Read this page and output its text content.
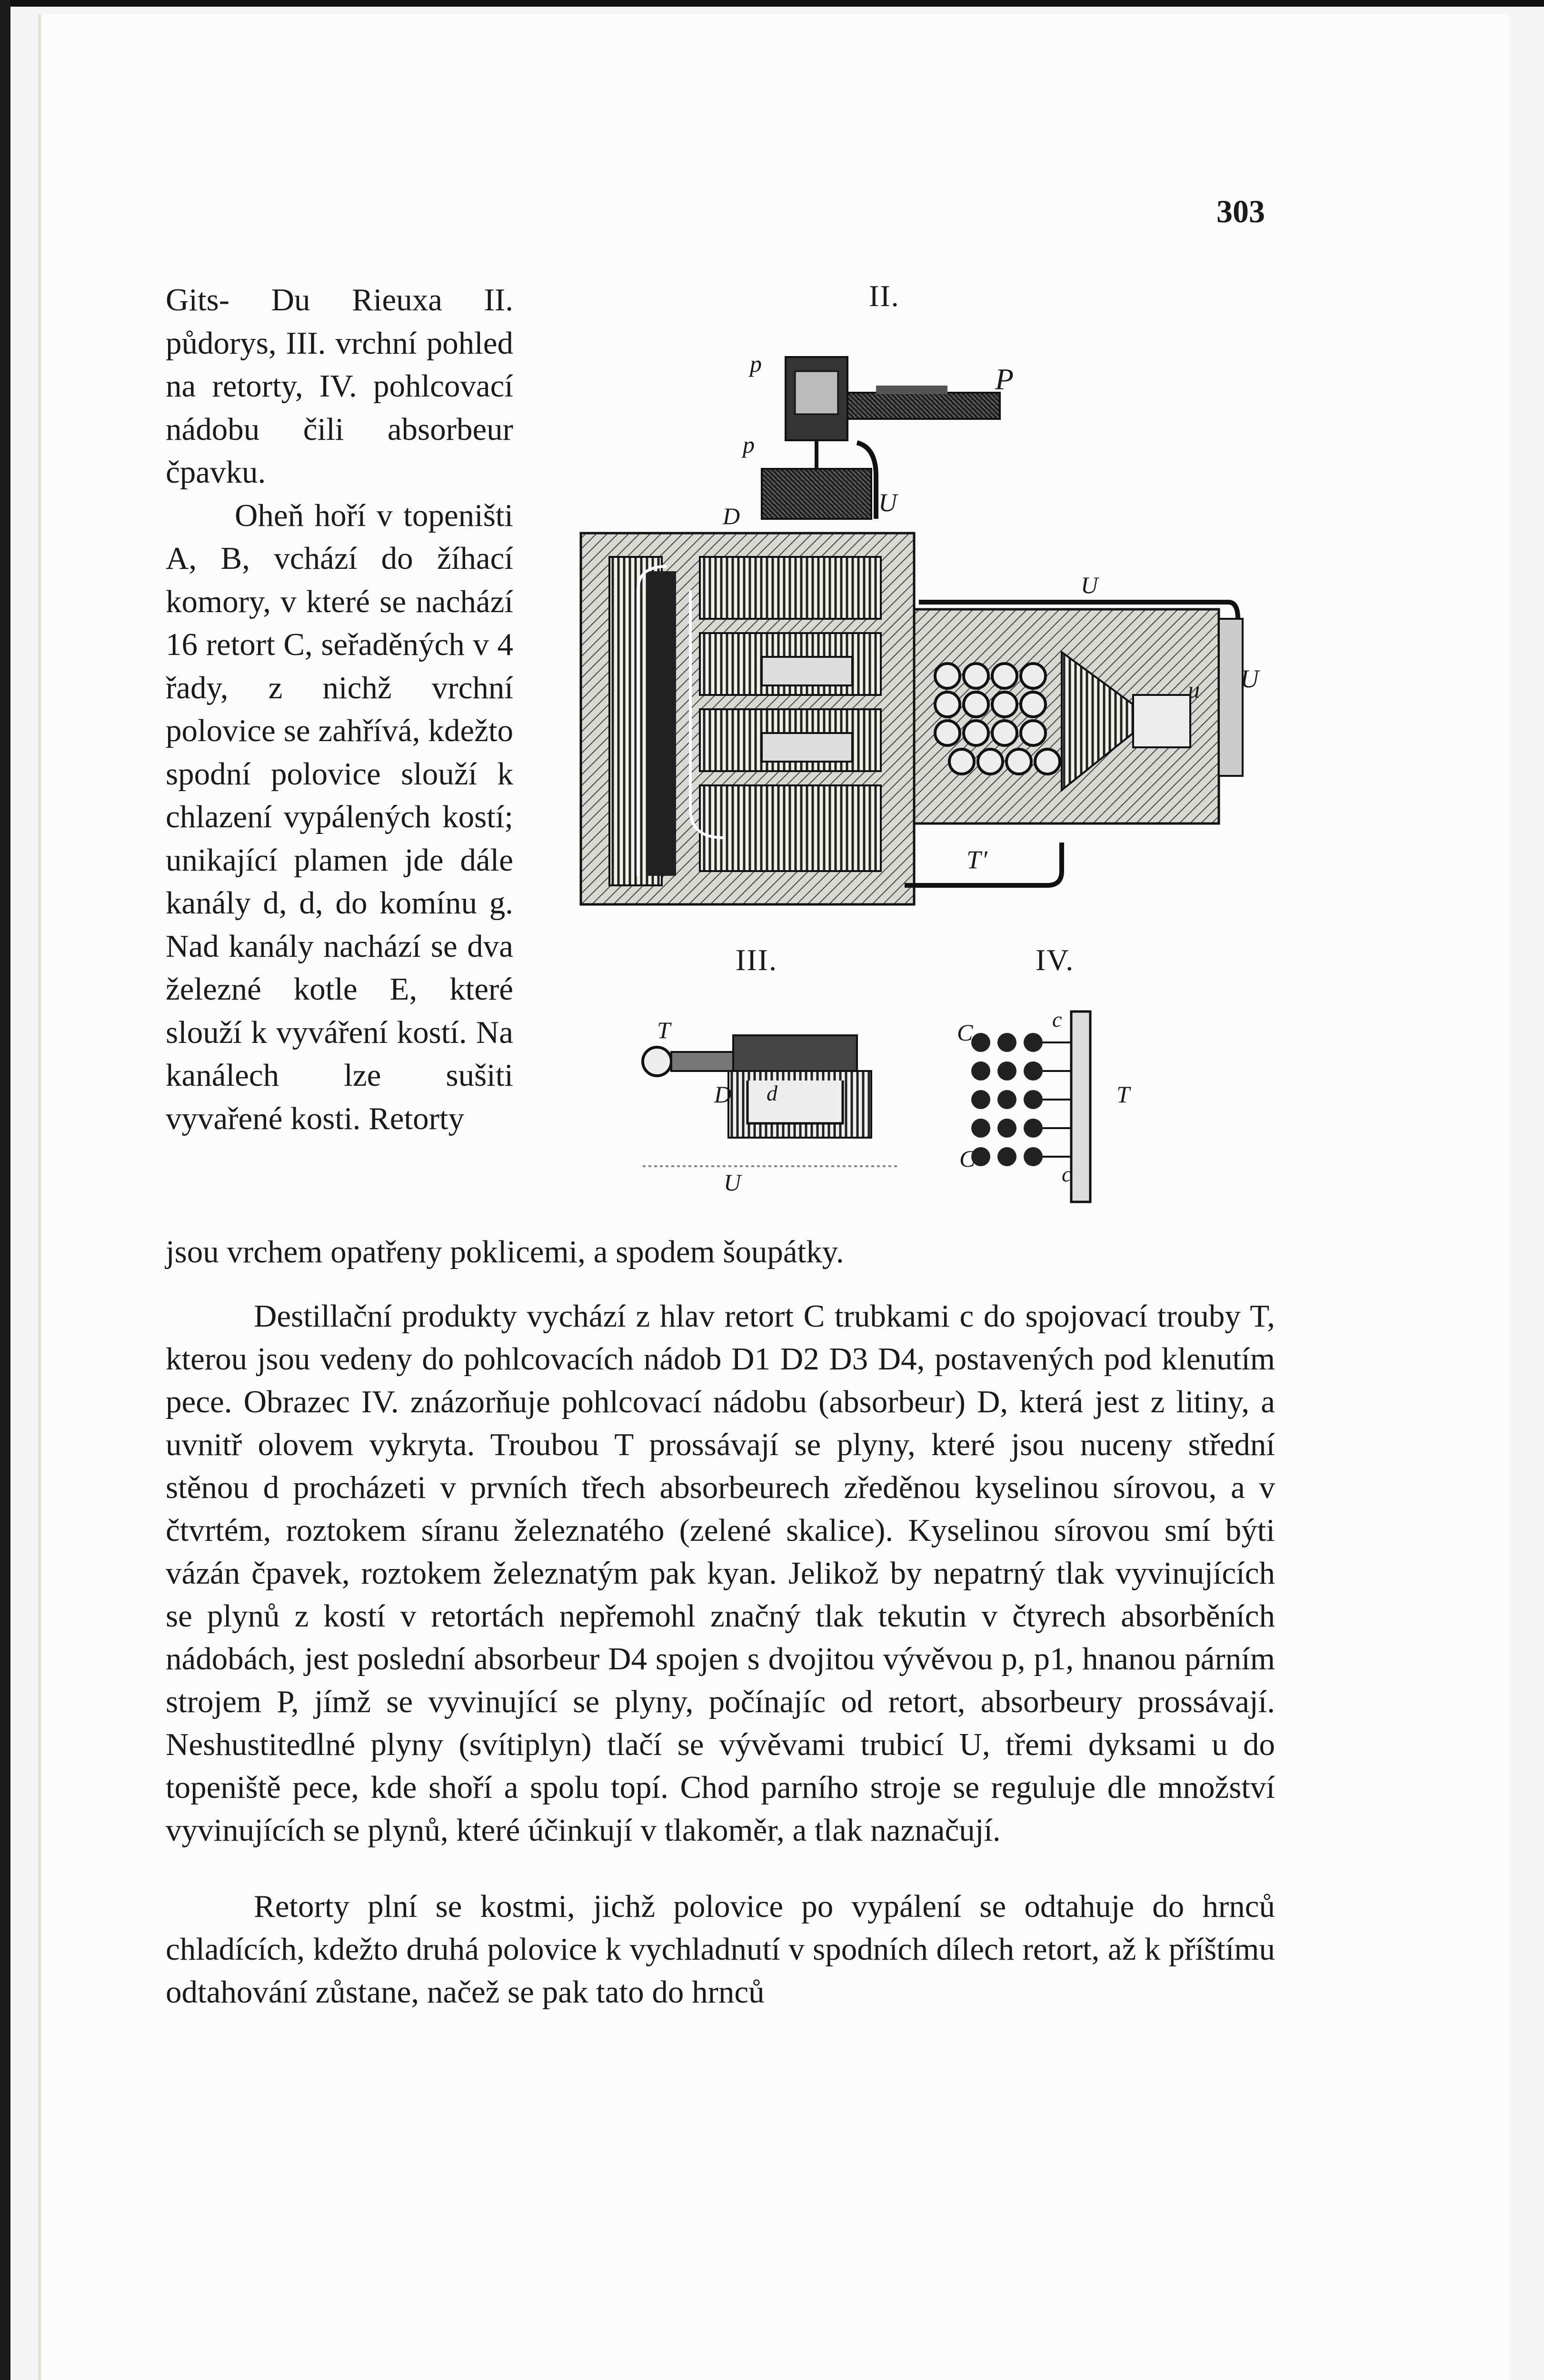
303
II.
III.	IV.
P
p
p
D	U
U
U
u
T′
T
D d
U
C	c
T
C
c

Gits- Du Rieuxa II. půdorys, III. vrchní pohled na retorty, IV. pohlcovací nádobu čili absorbeur čpavku.

Oheň hoří v topeništi A, B, vchází do žíhací komory, v které se nachází 16 retort C, seřaděných v 4 řady, z nichž vrchní polovice se zahřívá, kdežto spodní polovice slouží k chlazení vypálených kostí; unikající plamen jde dále kanály d, d, do komínu g. Nad kanály nachází se dva železné kotle E, které slouží k vyváření kostí. Na kanálech lze sušiti vyvařené kosti. Retorty

jsou vrchem opatřeny poklicemi, a spodem šoupátky.

Destillační produkty vychází z hlav retort C trubkami c do spojovací trouby T, kterou jsou vedeny do pohlcovacích nádob D1 D2 D3 D4, postavených pod klenutím pece. Obrazec IV. znázorňuje pohlcovací nádobu (absorbeur) D, která jest z litiny, a uvnitř olovem vykryta. Troubou T prossávají se plyny, které jsou nuceny střední stěnou d procházeti v prvních třech absorbeurech zředěnou kyselinou sírovou, a v čtvrtém, roztokem síranu železnatého (zelené skalice). Kyselinou sírovou smí býti vázán čpavek, roztokem železnatým pak kyan. Jelikož by nepatrný tlak vyvinujících se plynů z kostí v retortách nepřemohl značný tlak tekutin v čtyrech absorběních nádobách, jest poslední absorbeur D4 spojen s dvojitou vývěvou p, p1, hnanou párním strojem P, jímž se vyvinující se plyny, počínajíc od retort, absorbeury prossávají. Neshustitedlné plyny (svítiplyn) tlačí se vývěvami trubicí U, třemi dyksami u do topeniště pece, kde shoří a spolu topí. Chod parního stroje se reguluje dle množství vyvinujících se plynů, které účinkují v tlakoměr, a tlak naznačují.

Retorty plní se kostmi, jichž polovice po vypálení se odtahuje do hrnců chladících, kdežto druhá polovice k vychladnutí v spodních dílech retort, až k příštímu odtahování zůstane, načež se pak tato do hrnců
